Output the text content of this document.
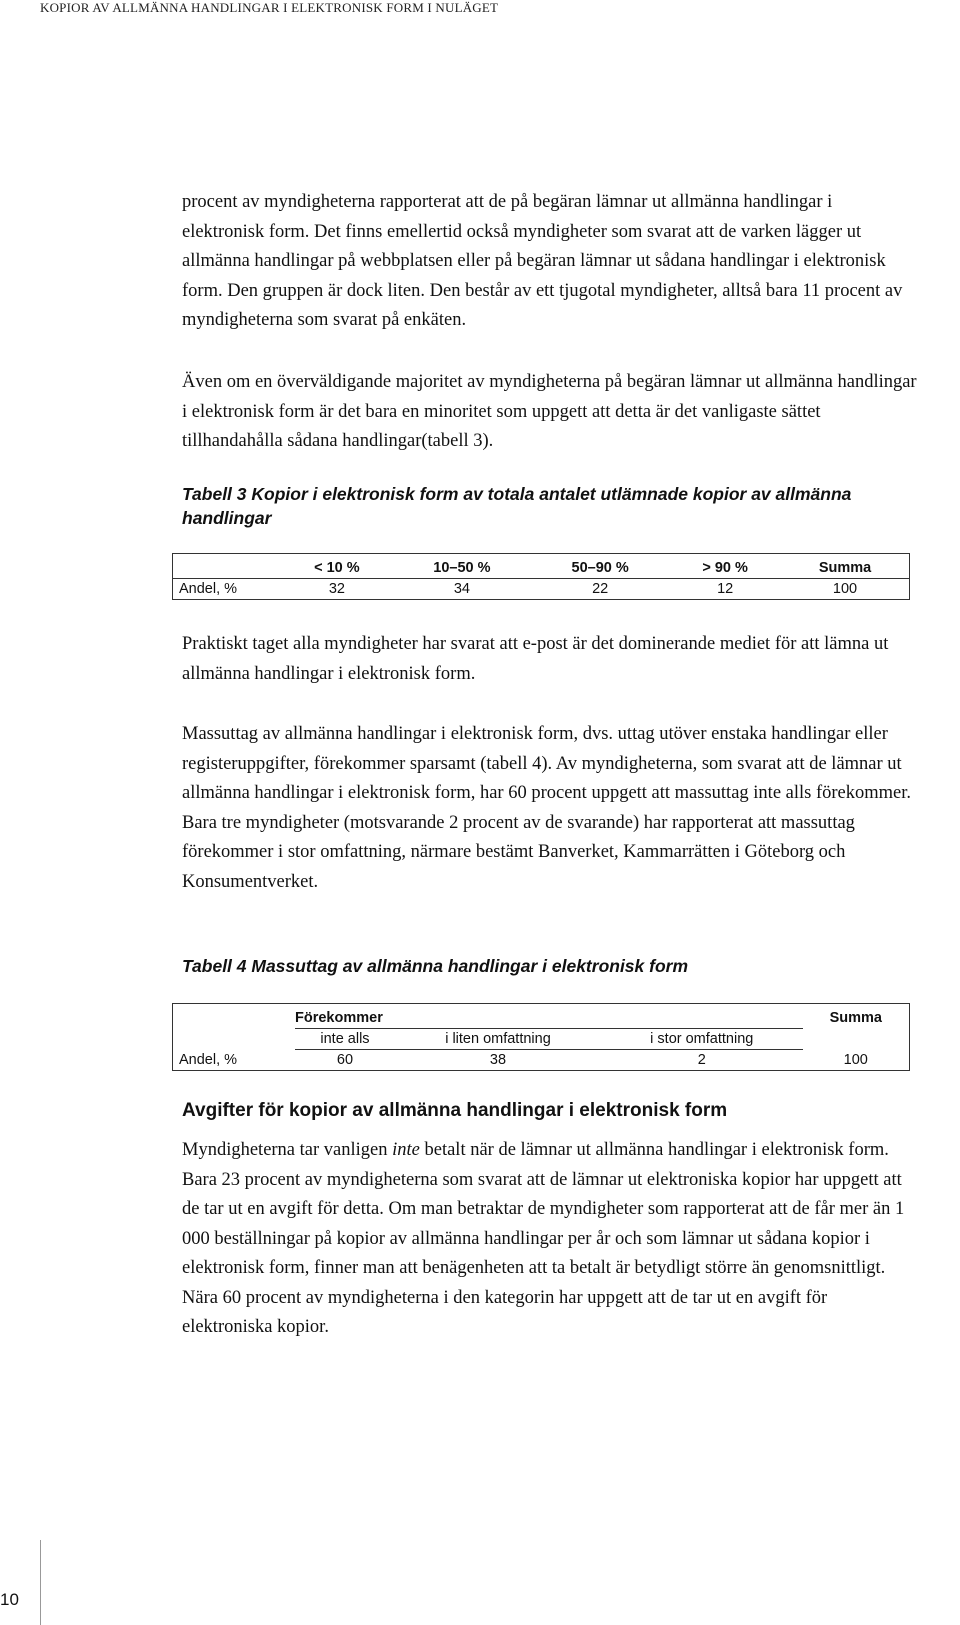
KOPIOR AV ALLMÄNNA HANDLINGAR I ELEKTRONISK FORM I NULÄGET

procent av myndigheterna rapporterat att de på begäran lämnar ut allmänna handlingar i elektronisk form. Det finns emellertid också myndigheter som svarat att de varken lägger ut allmänna handlingar på webbplatsen eller på begäran lämnar ut sådana handlingar i elektronisk form. Den gruppen är dock liten. Den består av ett tjugotal myndigheter, alltså bara 11 procent av myndigheterna som svarat på enkäten.

Även om en överväldigande majoritet av myndigheterna på begäran lämnar ut allmänna handlingar i elektronisk form är det bara en minoritet som uppgett att detta är det vanligaste sättet tillhandahålla sådana handlingar(tabell 3).

Tabell 3 Kopior i elektronisk form av totala antalet utlämnade kopior av allmänna handlingar

	< 10 %	10–50 %	50–90 %	> 90 %	Summa
Andel, %	32	34	22	12	100

Praktiskt taget alla myndigheter har svarat att e-post är det dominerande mediet för att lämna ut allmänna handlingar i elektronisk form.

Massuttag av allmänna handlingar i elektronisk form, dvs. uttag utöver enstaka handlingar eller registeruppgifter, förekommer sparsamt (tabell 4). Av myndigheterna, som svarat att de lämnar ut allmänna handlingar i elektronisk form, har 60 procent uppgett att massuttag inte alls förekommer. Bara tre myndigheter (motsvarande 2 procent av de svarande) har rapporterat att massuttag förekommer i stor omfattning, närmare bestämt Banverket, Kammarrätten i Göteborg och Konsumentverket.

Tabell 4 Massuttag av allmänna handlingar i elektronisk form

	Förekommer			Summa
	inte alls	i liten omfattning	i stor omfattning	
Andel, %	60	38	2	100
Avgifter för kopior av allmänna handlingar i elektronisk form

Myndigheterna tar vanligen inte betalt när de lämnar ut allmänna handlingar i elektronisk form. Bara 23 procent av myndigheterna som svarat att de lämnar ut elektroniska kopior har uppgett att de tar ut en avgift för detta. Om man betraktar de myndigheter som rapporterat att de får mer än 1 000 beställningar på kopior av allmänna handlingar per år och som lämnar ut sådana kopior i elektronisk form, finner man att benägenheten att ta betalt är betydligt större än genomsnittligt. Nära 60 procent av myndigheterna i den kategorin har uppgett att de tar ut en avgift för elektroniska kopior.

10
